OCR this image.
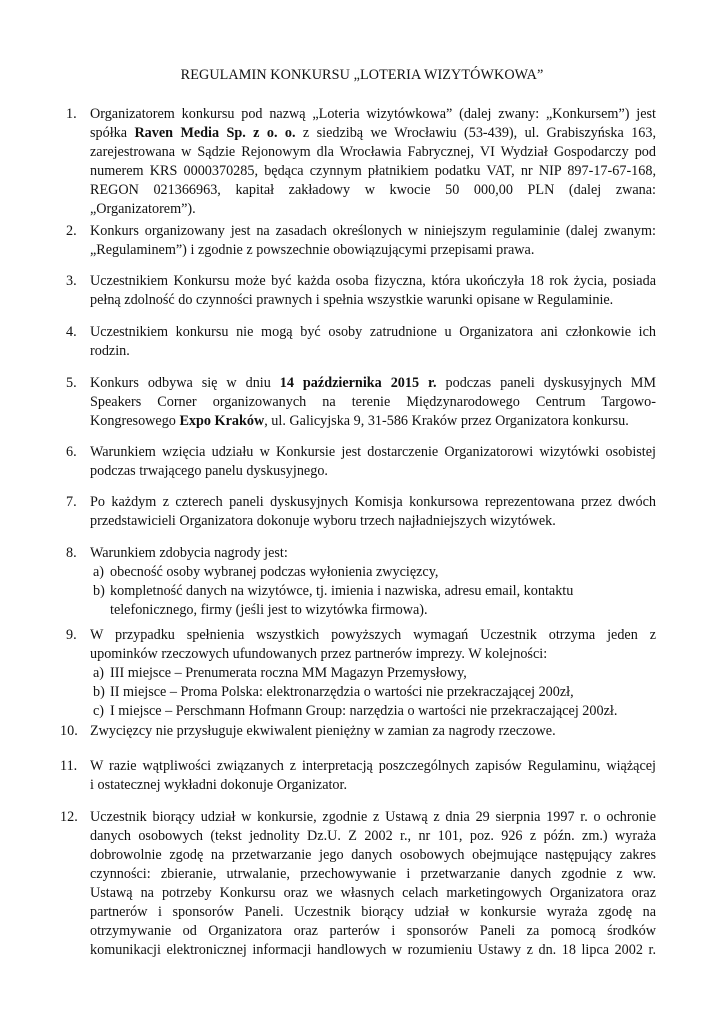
REGULAMIN KONKURSU „LOTERIA WIZYTÓWKOWA”
1. Organizatorem konkursu pod nazwą „Loteria wizytówkowa” (dalej zwany: „Konkursem”) jest
spółka Raven Media Sp. z o. o. z siedzibą we Wrocławiu (53-439), ul. Grabiszyńska 163,
zarejestrowana w Sądzie Rejonowym dla Wrocławia Fabrycznej, VI Wydział Gospodarczy pod
numerem KRS 0000370285, będąca czynnym płatnikiem podatku VAT, nr NIP 897-17-67-168,
REGON 021366963, kapitał zakładowy w kwocie 50 000,00 PLN (dalej zwana:
„Organizatorem”).
2. Konkurs organizowany jest na zasadach określonych w niniejszym regulaminie (dalej zwanym:
„Regulaminem”) i zgodnie z powszechnie obowiązującymi przepisami prawa.
3. Uczestnikiem Konkursu może być każda osoba fizyczna, która ukończyła 18 rok życia, posiada
pełną zdolność do czynności prawnych i spełnia wszystkie warunki opisane w Regulaminie.
4. Uczestnikiem konkursu nie mogą być osoby zatrudnione u Organizatora ani członkowie ich
rodzin.
5. Konkurs odbywa się w dniu 14 października 2015 r. podczas paneli dyskusyjnych MM
Speakers Corner organizowanych na terenie Międzynarodowego Centrum Targowo-
Kongresowego Expo Kraków, ul. Galicyjska 9, 31-586 Kraków przez Organizatora konkursu.
6. Warunkiem wzięcia udziału w Konkursie jest dostarczenie Organizatorowi wizytówki osobistej
podczas trwającego panelu dyskusyjnego.
7. Po każdym z czterech paneli dyskusyjnych Komisja konkursowa reprezentowana przez dwóch
przedstawicieli Organizatora dokonuje wyboru trzech najładniejszych wizytówek.
8. Warunkiem zdobycia nagrody jest:
a) obecność osoby wybranej podczas wyłonienia zwycięzcy,
b) kompletność danych na wizytówce, tj. imienia i nazwiska, adresu email, kontaktu
telefonicznego, firmy (jeśli jest to wizytówka firmowa).
9. W przypadku spełnienia wszystkich powyższych wymagań Uczestnik otrzyma jeden z
upominków rzeczowych ufundowanych przez partnerów imprezy. W kolejności:
a) III miejsce – Prenumerata roczna MM Magazyn Przemysłowy,
b) II miejsce – Proma Polska: elektronarzędzia o wartości nie przekraczającej 200zł,
c) I miejsce – Perschmann Hofmann Group: narzędzia o wartości nie przekraczającej 200zł.
10. Zwycięzcy nie przysługuje ekwiwalent pieniężny w zamian za nagrody rzeczowe.
11. W razie wątpliwości związanych z interpretacją poszczególnych zapisów Regulaminu, wiążącej
i ostatecznej wykładni dokonuje Organizator.
12. Uczestnik biorący udział w konkursie, zgodnie z Ustawą z dnia 29 sierpnia 1997 r. o ochronie
danych osobowych (tekst jednolity Dz.U. Z 2002 r., nr 101, poz. 926 z późn. zm.) wyraża
dobrowolnie zgodę na przetwarzanie jego danych osobowych obejmujące następujący zakres
czynności: zbieranie, utrwalanie, przechowywanie i przetwarzanie danych zgodnie z ww.
Ustawą na potrzeby Konkursu oraz we własnych celach marketingowych Organizatora oraz
partnerów i sponsorów Paneli. Uczestnik biorący udział w konkursie wyraża zgodę na
otrzymywanie od Organizatora oraz parterów i sponsorów Paneli za pomocą środków
komunikacji elektronicznej informacji handlowych w rozumieniu Ustawy z dn. 18 lipca 2002 r.
